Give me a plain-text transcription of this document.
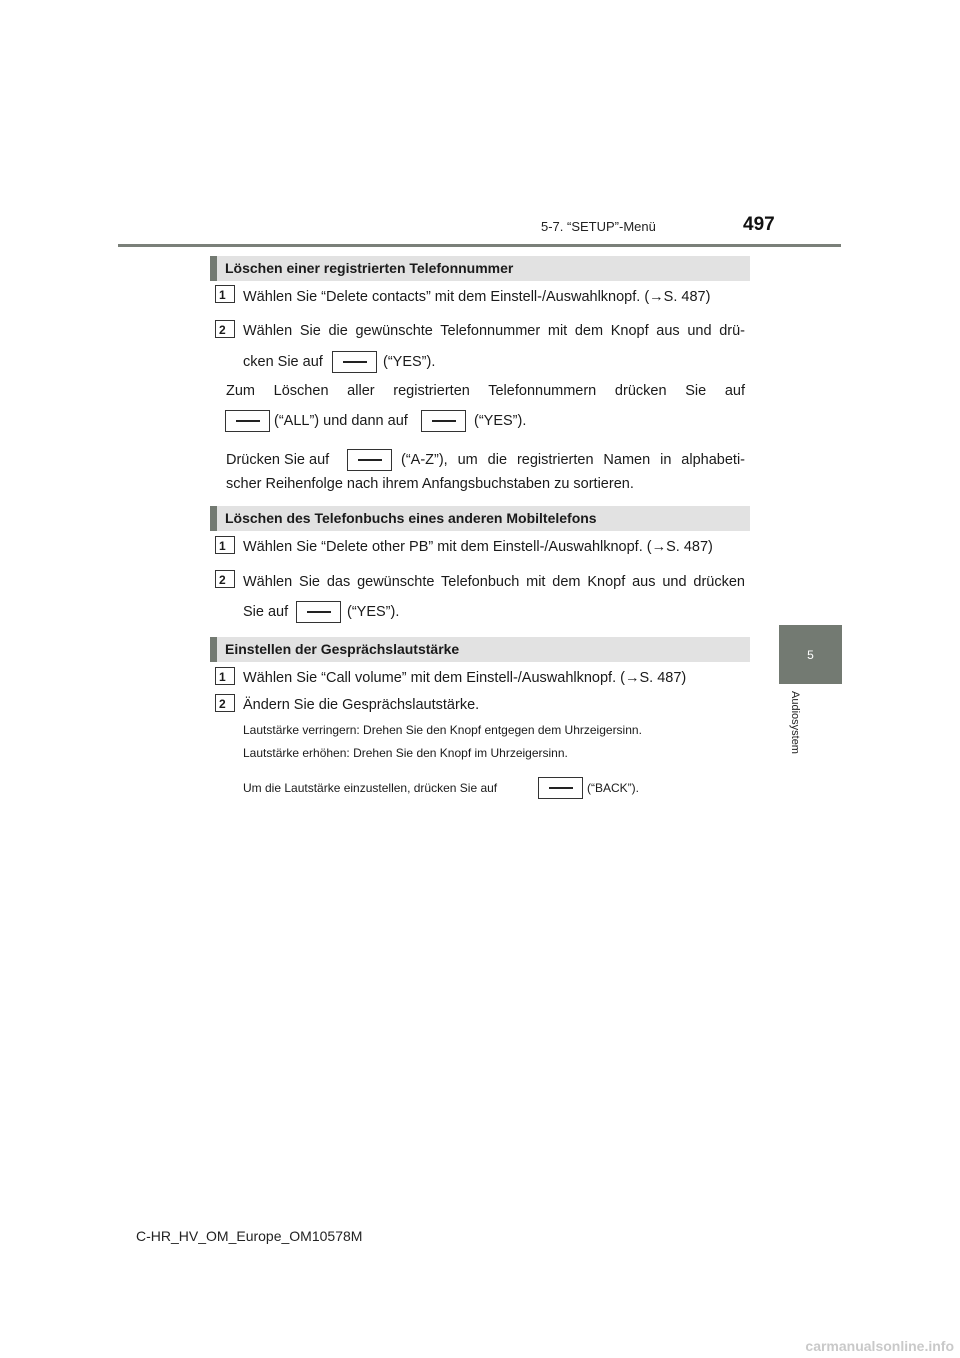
5-7. “SETUP”-Menü	497
5
Audiosystem
Löschen einer registrierten Telefonnummer
1	Wählen Sie “Delete contacts” mit dem Einstell-/Auswahlknopf. (→S. 487)
2	Wählen Sie die gewünschte Telefonnummer mit dem Knopf aus und drü-
cken Sie auf	(“YES”).
Zum Löschen aller registrierten Telefonnummern drücken Sie auf
(“ALL”) und dann auf	(“YES”).
Drücken Sie auf	(“A-Z”), um die registrierten Namen in alphabeti-
scher Reihenfolge nach ihrem Anfangsbuchstaben zu sortieren.
Löschen des Telefonbuchs eines anderen Mobiltelefons
1	Wählen Sie “Delete other PB” mit dem Einstell-/Auswahlknopf. (→S. 487)
2	Wählen Sie das gewünschte Telefonbuch mit dem Knopf aus und drücken
Sie auf	(“YES”).
Einstellen der Gesprächslautstärke
1	Wählen Sie “Call volume” mit dem Einstell-/Auswahlknopf. (→S. 487)
2	Ändern Sie die Gesprächslautstärke.
Lautstärke verringern: Drehen Sie den Knopf entgegen dem Uhrzeigersinn.
Lautstärke erhöhen: Drehen Sie den Knopf im Uhrzeigersinn.
Um die Lautstärke einzustellen, drücken Sie auf	(“BACK”).
C-HR_HV_OM_Europe_OM10578M
carmanualsonline.info
